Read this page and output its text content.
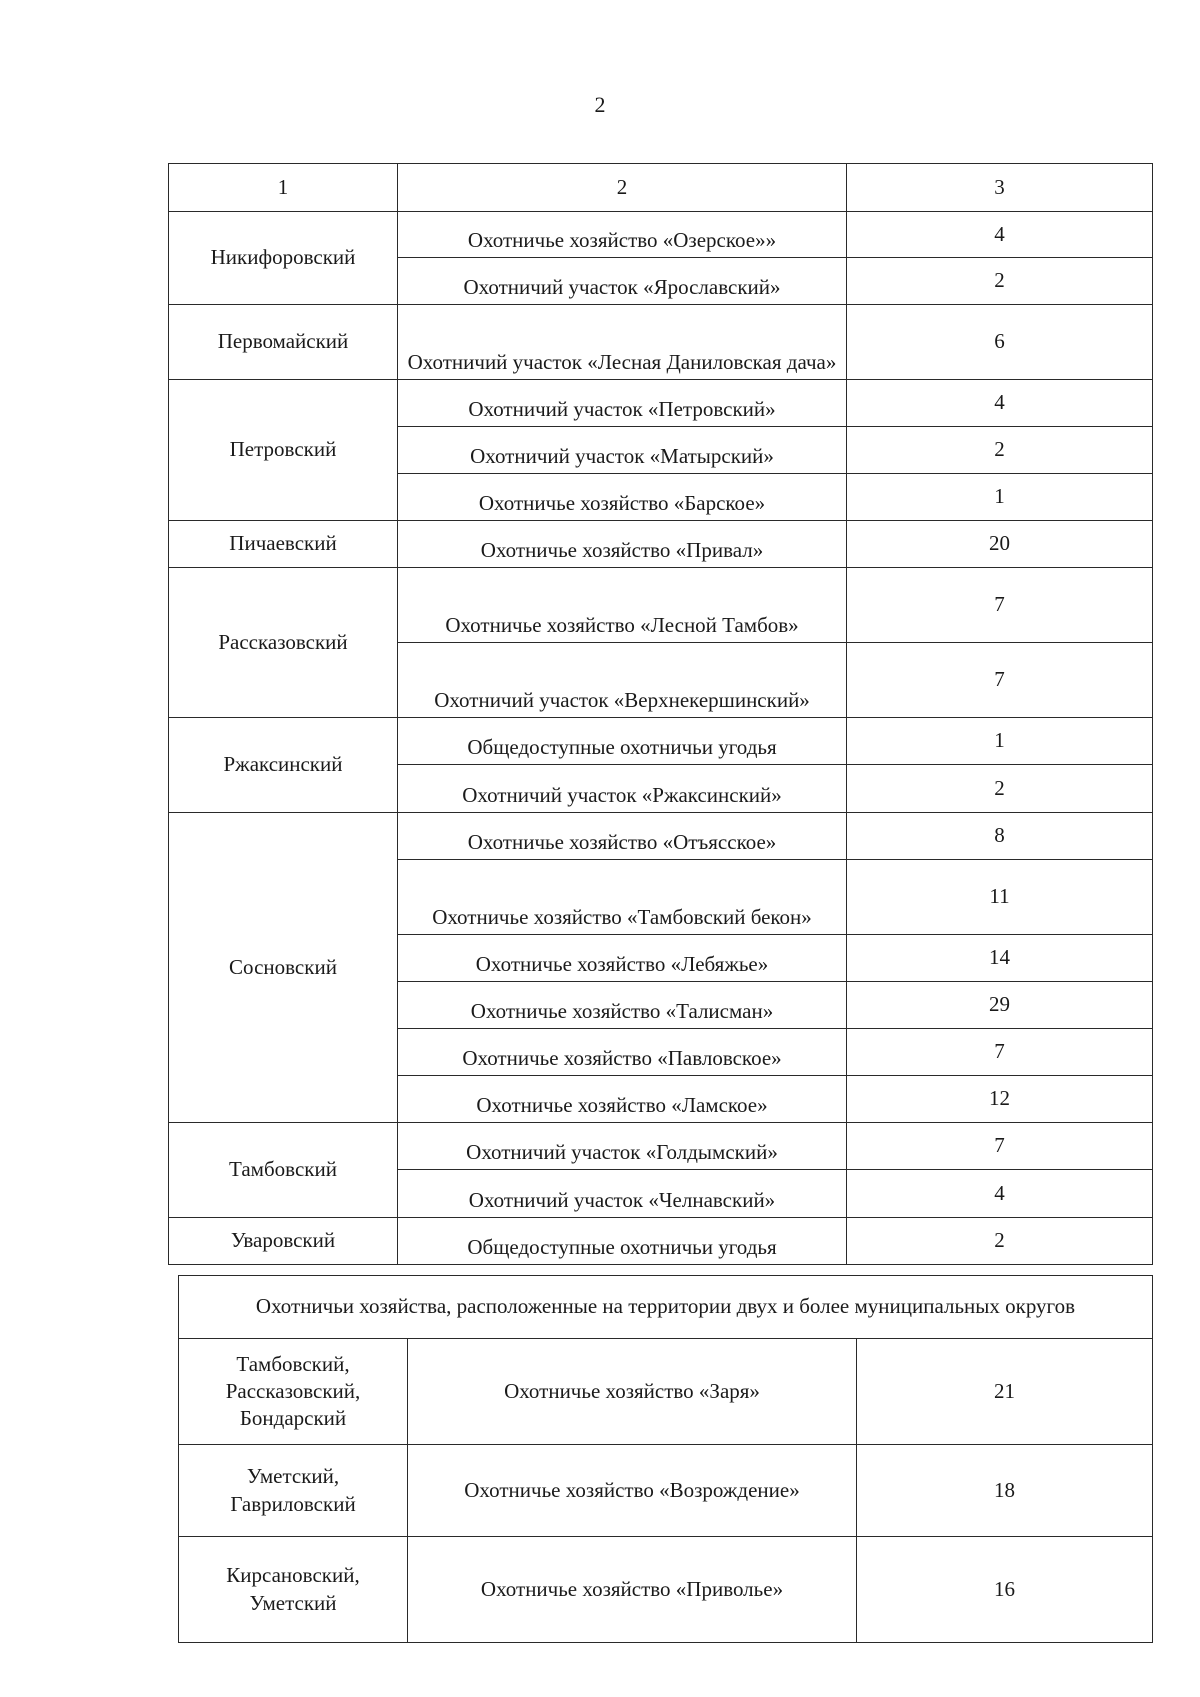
2
1	2	3
Никифоровский	Охотничье хозяйство «Озерское»»	4
	Охотничий участок «Ярославский»	2
Первомайский	Охотничий участок «Лесная Даниловская дача»	6
Петровский	Охотничий участок «Петровский»	4
	Охотничий участок «Матырский»	2
	Охотничье хозяйство «Барское»	1
Пичаевский	Охотничье хозяйство «Привал»	20
Рассказовский	Охотничье хозяйство «Лесной Тамбов»	7
	Охотничий участок «Верхнекершинский»	7
Ржаксинский	Общедоступные охотничьи угодья	1
	Охотничий участок «Ржаксинский»	2
Сосновский	Охотничье хозяйство «Отъясское»	8
	Охотничье хозяйство «Тамбовский бекон»	11
	Охотничье хозяйство «Лебяжье»	14
	Охотничье хозяйство «Талисман»	29
	Охотничье хозяйство «Павловское»	7
	Охотничье хозяйство «Ламское»	12
Тамбовский	Охотничий участок «Голдымский»	7
	Охотничий участок «Челнавский»	4
Уваровский	Общедоступные охотничьи угодья	2
Охотничьи хозяйства, расположенные на территории двух и более муниципальных округов		
Тамбовский, Рассказовский, Бондарский	Охотничье хозяйство «Заря»	21
Уметский, Гавриловский	Охотничье хозяйство «Возрождение»	18
Кирсановский, Уметский	Охотничье хозяйство «Приволье»	16
